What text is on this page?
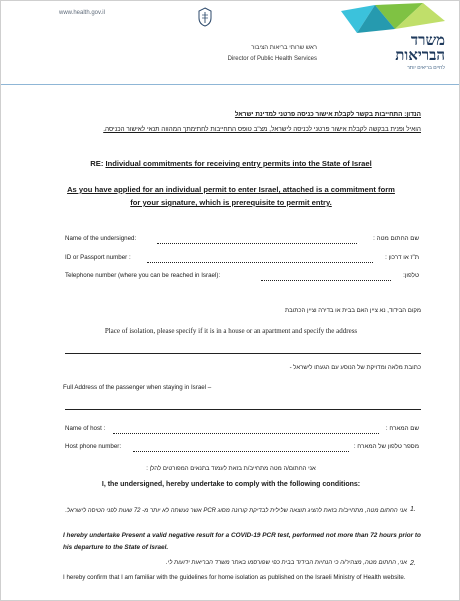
www.health.gov.il
ראש שרותי בריאות הציבור
Director of Public Health Services
משרד
הבריאות
לחיים בריאים יותר
הנדון: התחייבות בקשר לקבלת אישור כניסה פרטני למדינת ישראל
הואיל ופנית בבקשה לקבלת אישור פרטני לכניסה לישראל, מצ"ב טופס התחייבות לחתימתך המהווה תנאי לאישור הכניסה.
RE: Individual commitments for receiving entry permits into the State of Israel
As you have applied for an individual permit to enter Israel, attached is a commitment form
for your signature, which is prerequisite to permit entry.
Name of the undersigned:	שם החתום מטה :
ID or Passport number :	ת"ז או דרכון :
Telephone number (where you can be reached in Israel):	טלפון:
מקום הבידוד, נא ציין האם בבית או בדירה וציין הכתובת
Place of isolation, please specify if it is in a house or an apartment and specify the address
כתובת מלאה ומדויקת של הנוסע עם הגעתו לישראל -
Full Address of the passenger when staying in Israel –
Name of host :	שם המארח :
Host phone number:	מספר טלפון של המארח :
אני החתום/ה מטה מתחייב/ת בזאת לעמוד בתנאים המפורטים להלן :
I, the undersigned, hereby undertake to comply with the following conditions:
1.
אני החתום מטה, מתחייב/ת בזאת להציג תוצאה שלילית לבדיקת קורונה מסוג PCR אשר נעשתה לא יותר מ- 72 שעות לפני הטיסה לישראל.
I hereby undertake Present a valid negative result for a COVID-19 PCR test, performed not more than 72 hours prior to his departure to the State of Israel.
2.
אני, החתום מטה, מצהיר/ה כי הנחיות הבידוד בבית כפי שפורסמו באתר משרד הבריאות ידועות לי.
I hereby confirm that I am familiar with the guidelines for home isolation as published on the Israeli Ministry of Health website.
